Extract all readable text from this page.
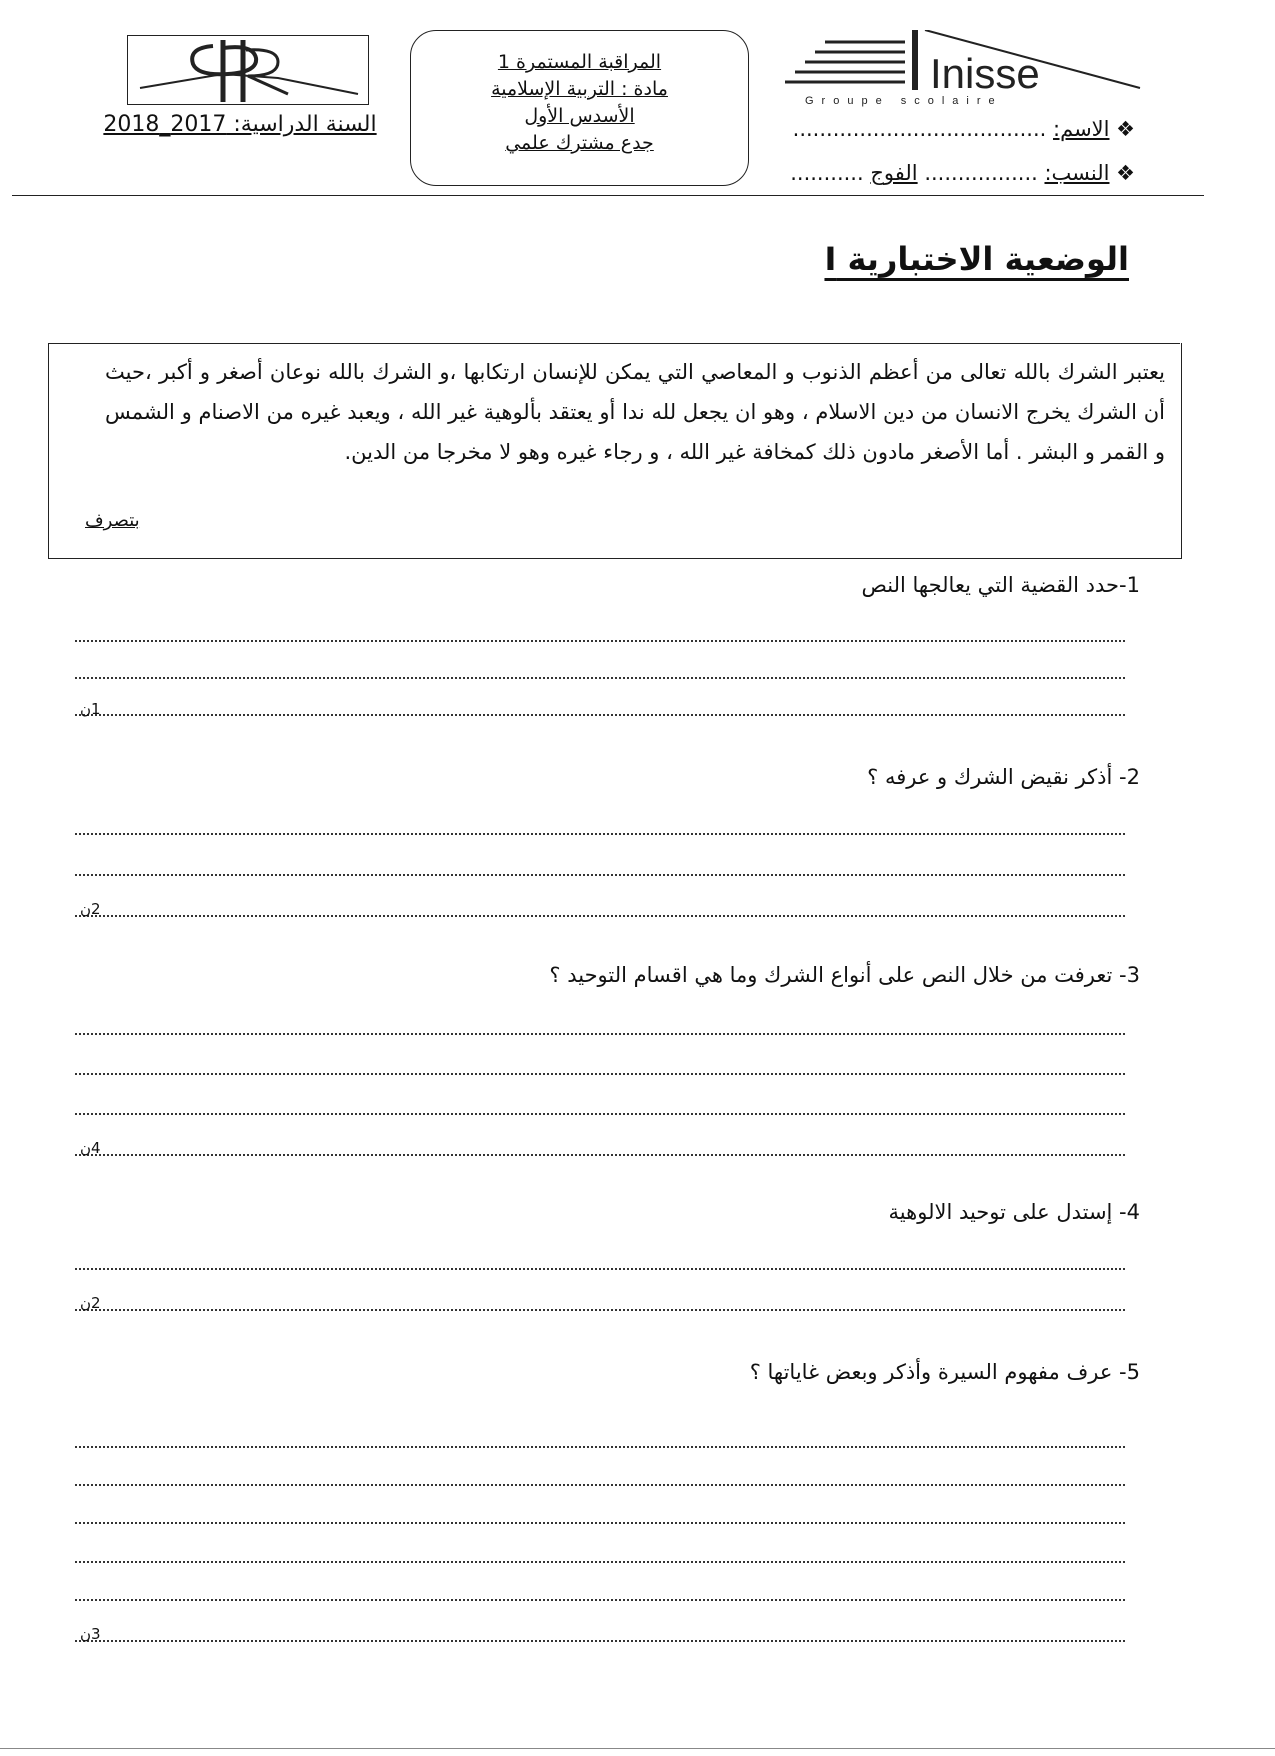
السنة الدراسية: 2017_2018
المراقبة المستمرة 1
مادة : التربية الإسلامية
الأسدس الأول
جدع مشترك علمي
Inisse
Groupe scolaire
❖ الاسم: ......................................
❖ النسب: ................. الفوج ...........
الوضعية الاختبارية I
يعتبر الشرك بالله تعالى من أعظم الذنوب و المعاصي التي يمكن للإنسان ارتكابها ،و الشرك بالله نوعان أصغر و أكبر ،حيث أن الشرك يخرج الانسان من دين الاسلام ، وهو ان يجعل لله ندا أو يعتقد بألوهية غير الله ، ويعبد غيره من الاصنام و الشمس و القمر و البشر . أما الأصغر مادون ذلك كمخافة غير الله ، و رجاء غيره وهو لا مخرجا من الدين.
بتصرف
1-حدد القضية التي يعالجها النص
1ن
2- أذكر نقيض الشرك و عرفه ؟
2ن
3- تعرفت من خلال النص على أنواع الشرك وما هي اقسام التوحيد ؟
4ن
4- إستدل على توحيد الالوهية
2ن
5- عرف مفهوم السيرة وأذكر وبعض غاياتها ؟
3ن
